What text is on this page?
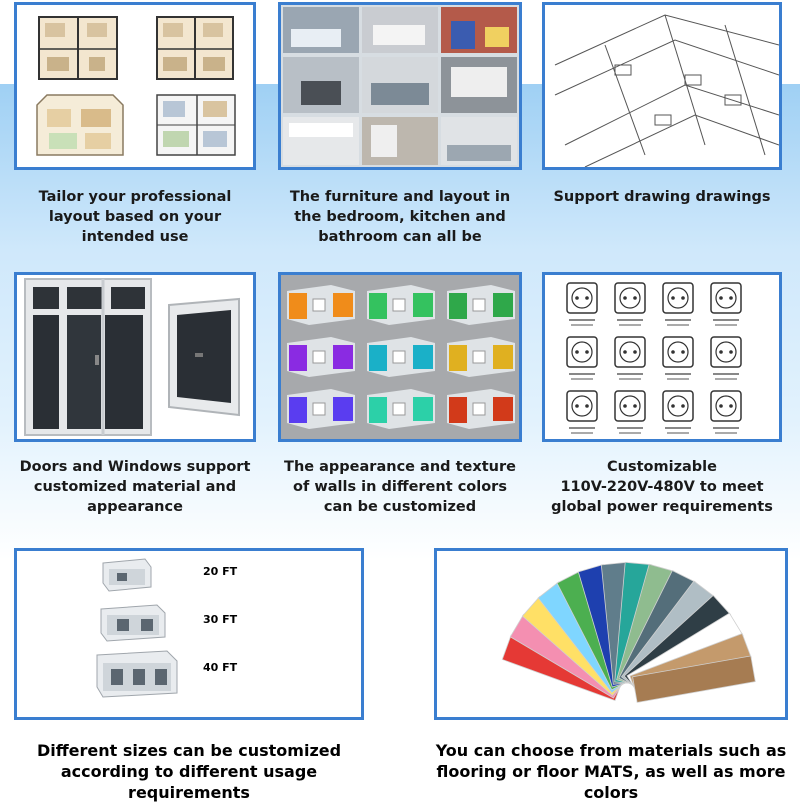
Tailor your professional
layout based on your
intended use

The furniture and layout in
the bedroom, kitchen and
bathroom can all be

Support drawing drawings

Doors and Windows support
customized material and
appearance

The appearance and texture
of walls in different colors
can be customized

Customizable
110V-220V-480V to meet
global power requirements

20 FT
30 FT
40 FT

Different sizes can be customized
according to different usage
requirements

You can choose from materials such as
flooring or floor MATS, as well as more
colors
